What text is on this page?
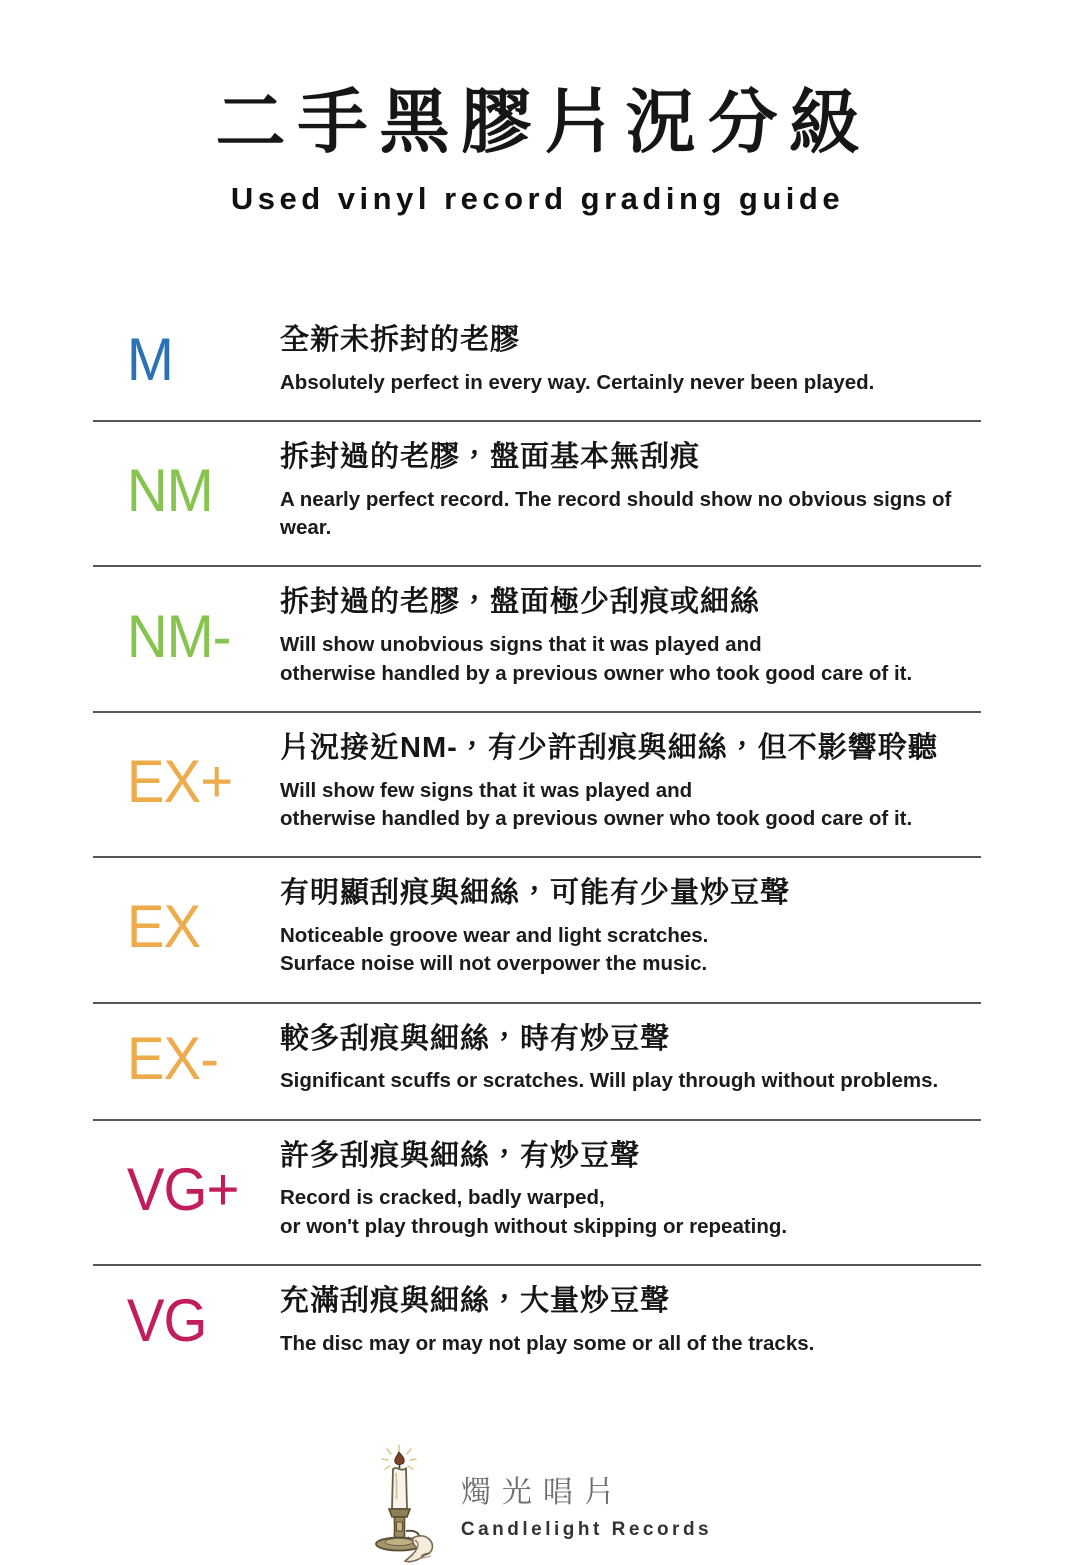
二手黑膠片況分級
Used vinyl record grading guide
M	全新未拆封的老膠
Absolutely perfect in every way. Certainly never been played.
NM
拆封過的老膠，盤面基本無刮痕
A nearly perfect record. The record should show no obvious signs of wear.
NM-
拆封過的老膠，盤面極少刮痕或細絲
Will show unobvious signs that it was played and
otherwise handled by a previous owner who took good care of it.
EX+
片況接近NM-，有少許刮痕與細絲，但不影響聆聽
Will show few signs that it was played and
otherwise handled by a previous owner who took good care of it.
EX
有明顯刮痕與細絲，可能有少量炒豆聲
Noticeable groove wear and light scratches.
Surface noise will not overpower the music.
EX-	較多刮痕與細絲，時有炒豆聲
Significant scuffs or scratches. Will play through without problems.
VG+
許多刮痕與細絲，有炒豆聲
Record is cracked, badly warped,
or won't play through without skipping or repeating.
VG	充滿刮痕與細絲，大量炒豆聲
The disc may or may not play some or all of the tracks.
燭光唱片
Candlelight Records
